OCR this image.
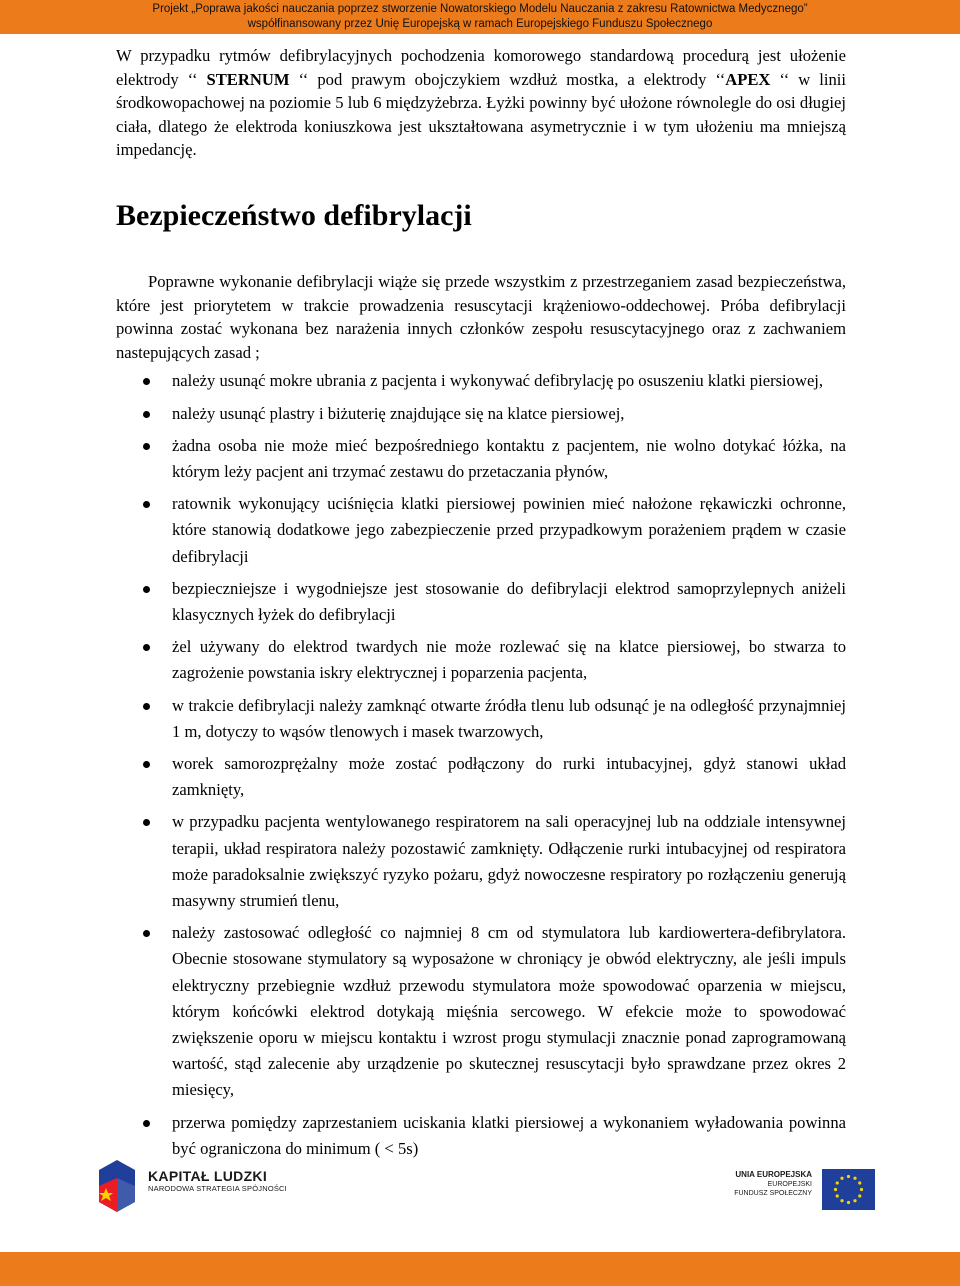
Projekt „Poprawa jakości nauczania poprzez stworzenie Nowatorskiego Modelu Nauczania z zakresu Ratownictwa Medycznego”
współfinansowany przez Unię Europejską w ramach Europejskiego Funduszu Społecznego

W przypadku rytmów defibrylacyjnych pochodzenia komorowego standardową procedurą jest ułożenie elektrody ‘‘ STERNUM ‘‘ pod prawym obojczykiem wzdłuż mostka, a elektrody ‘‘APEX ‘‘ w linii środkowopachowej na poziomie 5 lub 6 międzyżebrza. Łyżki powinny być ułożone równolegle do osi długiej ciała, dlatego że elektroda koniuszkowa jest ukształtowana asymetrycznie i w tym ułożeniu ma mniejszą impedancję.

Bezpieczeństwo defibrylacji

Poprawne wykonanie defibrylacji wiąże się przede wszystkim z przestrzeganiem zasad bezpieczeństwa, które jest priorytetem w trakcie prowadzenia resuscytacji krążeniowo-oddechowej. Próba defibrylacji powinna zostać wykonana bez narażenia innych członków zespołu resuscytacyjnego oraz z zachwaniem nastepujących zasad ;

należy usunąć mokre ubrania z pacjenta i wykonywać defibrylację po osuszeniu klatki piersiowej,
należy usunąć plastry i biżuterię znajdujące się na klatce piersiowej,
żadna osoba nie może mieć bezpośredniego kontaktu z pacjentem, nie wolno dotykać łóżka, na którym leży pacjent ani trzymać zestawu do przetaczania płynów,
ratownik wykonujący uciśnięcia klatki piersiowej powinien mieć nałożone rękawiczki ochronne, które stanowią dodatkowe jego zabezpieczenie przed przypadkowym porażeniem prądem w czasie defibrylacji
bezpieczniejsze i wygodniejsze jest stosowanie do defibrylacji elektrod samoprzylepnych aniżeli klasycznych łyżek do defibrylacji
żel używany do elektrod twardych nie może rozlewać się na klatce piersiowej, bo stwarza to zagrożenie powstania iskry elektrycznej i poparzenia pacjenta,
w trakcie defibrylacji należy zamknąć otwarte źródła tlenu lub odsunąć je na odległość przynajmniej 1 m, dotyczy to wąsów tlenowych i masek twarzowych,
worek samorozprężalny może zostać podłączony do rurki intubacyjnej, gdyż stanowi układ zamknięty,
w przypadku pacjenta wentylowanego respiratorem na sali operacyjnej lub na oddziale intensywnej terapii, układ respiratora należy pozostawić zamknięty. Odłączenie rurki intubacyjnej od respiratora może paradoksalnie zwiększyć ryzyko pożaru, gdyż nowoczesne respiratory po rozłączeniu generują masywny strumień tlenu,
należy zastosować odległość co najmniej 8 cm od stymulatora lub kardiowertera-defibrylatora. Obecnie stosowane stymulatory są wyposażone w chroniący je obwód elektryczny, ale jeśli impuls elektryczny przebiegnie wzdłuż przewodu stymulatora może spowodować oparzenia w miejscu, którym końcówki elektrod dotykają mięśnia sercowego. W efekcie może to spowodować zwiększenie oporu w miejscu kontaktu i wzrost progu stymulacji znacznie ponad zaprogramowaną wartość, stąd zalecenie aby urządzenie po skutecznej resuscytacji było sprawdzane przez okres 2 miesięcy,
przerwa pomiędzy zaprzestaniem uciskania klatki piersiowej a wykonaniem wyładowania powinna być ograniczona do minimum ( < 5s)
KAPITAŁ LUDZKI
NARODOWA STRATEGIA SPÓJNOŚCI
UNIA EUROPEJSKA
EUROPEJSKI
FUNDUSZ SPOŁECZNY
